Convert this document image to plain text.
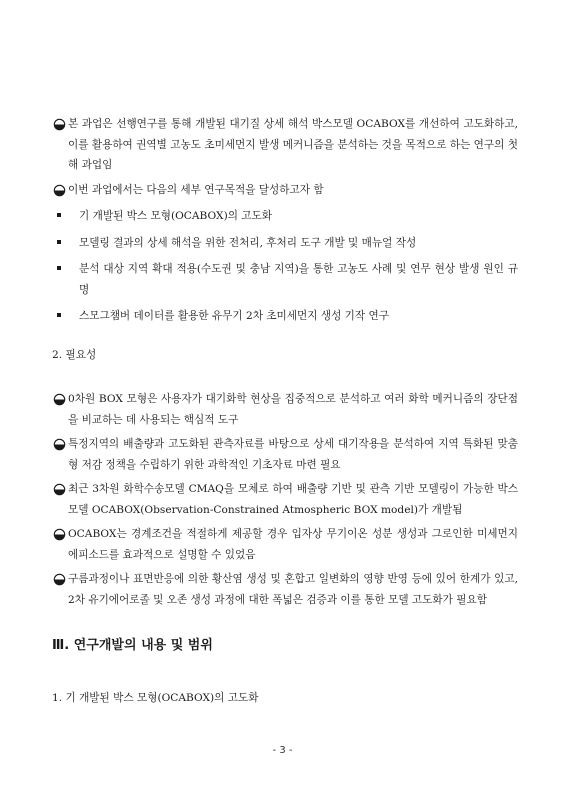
본 과업은 선행연구를 통해 개발된 대기질 상세 해석 박스모델 OCABOX를 개선하여 고도화하고, 이를 활용하여 권역별 고농도 초미세먼지 발생 메커니즘을 분석하는 것을 목적으로 하는 연구의 첫 해 과업임
이번 과업에서는 다음의 세부 연구목적을 달성하고자 함
기 개발된 박스 모형(OCABOX)의 고도화
모델링 결과의 상세 해석을 위한 전처리, 후처리 도구 개발 및 매뉴얼 작성
분석 대상 지역 확대 적용(수도권 및 충남 지역)을 통한 고농도 사례 및 연무 현상 발생 원인 규명
스모그챔버 데이터를 활용한 유무기 2차 초미세먼지 생성 기작 연구
2. 필요성
0차원 BOX 모형은 사용자가 대기화학 현상을 집중적으로 분석하고 여러 화학 메커니즘의 장단점을 비교하는 데 사용되는 핵심적 도구
특정지역의 배출량과 고도화된 관측자료를 바탕으로 상세 대기작용을 분석하여 지역 특화된 맞춤형 저감 정책을 수립하기 위한 과학적인 기초자료 마련 필요
최근 3차원 화학수송모델 CMAQ을 모체로 하여 배출량 기반 및 관측 기반 모델링이 가능한 박스모델 OCABOX(Observation-Constrained Atmospheric BOX model)가 개발됨
OCABOX는 경계조건을 적절하게 제공할 경우 입자상 무기이온 성분 생성과 그로인한 미세먼지 에피소드를 효과적으로 설명할 수 있었음
구름과정이나 표면반응에 의한 황산염 생성 및 혼합고 일변화의 영향 반영 등에 있어 한계가 있고, 2차 유기에어로졸 및 오존 생성 과정에 대한 폭넓은 검증과 이를 통한 모델 고도화가 필요함
Ⅲ. 연구개발의 내용 및 범위
1. 기 개발된 박스 모형(OCABOX)의 고도화
- 3 -
